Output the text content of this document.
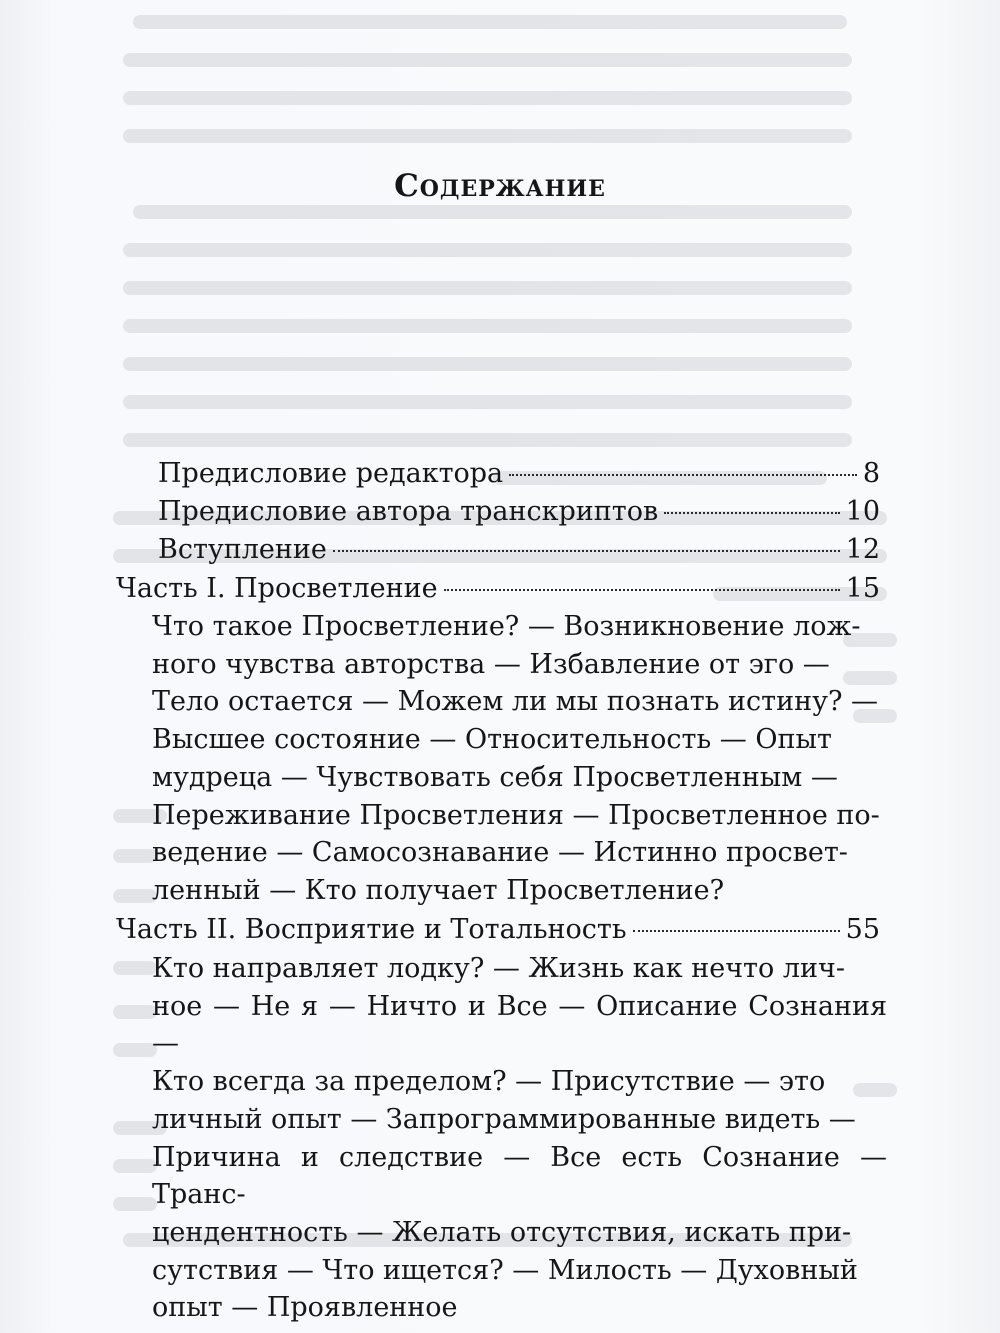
Содержание
Предисловие редактора	8
Предисловие автора транскриптов	10
Вступление	12
Часть I. Просветление	15
Что такое Просветление? — Возникновение лож-
ного чувства авторства — Избавление от эго —
Тело остается — Можем ли мы познать истину? —
Высшее состояние — Относительность — Опыт
мудреца — Чувствовать себя Просветленным —
Переживание Просветления — Просветленное по-
ведение — Самосознавание — Истинно просвет-
ленный — Кто получает Просветление?
Часть II. Восприятие и Тотальность	55
Кто направляет лодку? — Жизнь как нечто лич-
ное — Не я — Ничто и Все — Описание Сознания —
Кто всегда за пределом? — Присутствие — это
личный опыт — Запрограммированные видеть —
Причина и следствие — Все есть Сознание — Транс-
цендентность — Желать отсутствия, искать при-
сутствия — Что ищется? — Милость — Духовный
опыт — Проявленное
